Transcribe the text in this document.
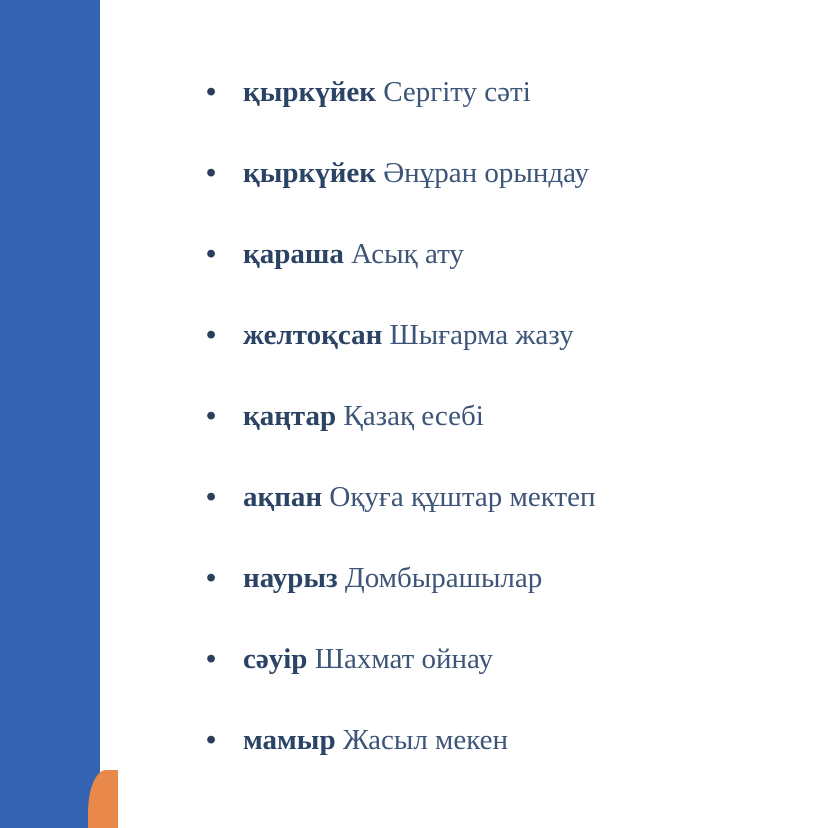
• қыркүйек Сергіту сәті
• қыркүйек Әнұран орындау
• қараша Асық ату
• желтоқсан Шығарма жазу
• қаңтар Қазақ есебі
• ақпан Оқуға құштар мектеп
• наурыз Домбырашылар
• сәуір Шахмат ойнау
• мамыр Жасыл мекен
